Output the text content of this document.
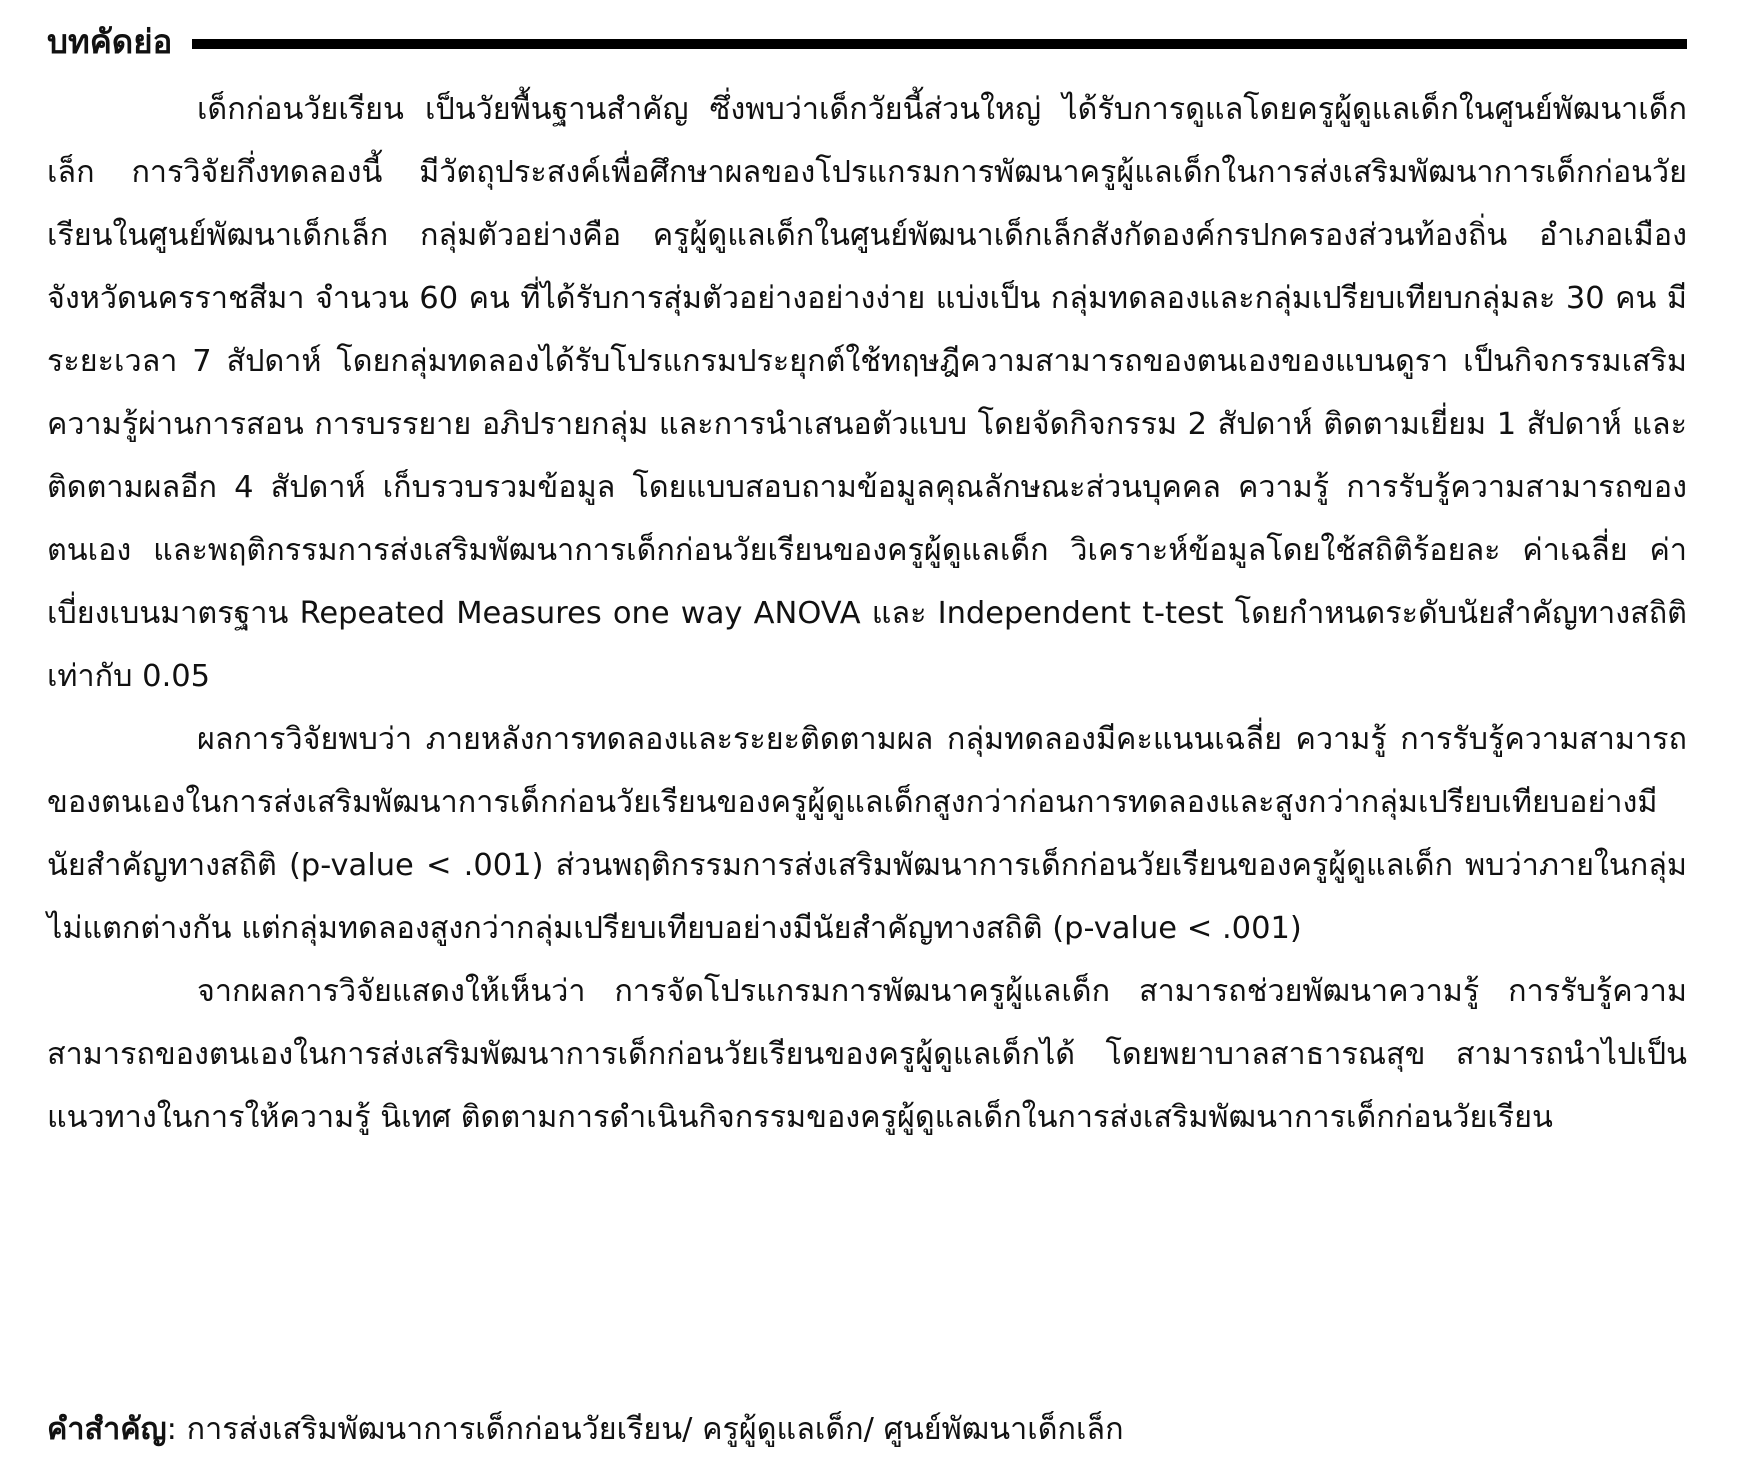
บทคัดย่อ

เด็กก่อนวัยเรียน เป็นวัยพื้นฐานสำคัญ ซึ่งพบว่าเด็กวัยนี้ส่วนใหญ่ ได้รับการดูแลโดยครูผู้ดูแลเด็กในศูนย์พัฒนาเด็กเล็ก การวิจัยกึ่งทดลองนี้ มีวัตถุประสงค์เพื่อศึกษาผลของโปรแกรมการพัฒนาครูผู้แลเด็กในการส่งเสริมพัฒนาการเด็กก่อนวัยเรียนในศูนย์พัฒนาเด็กเล็ก กลุ่มตัวอย่างคือ ครูผู้ดูแลเด็กในศูนย์พัฒนาเด็กเล็กสังกัดองค์กรปกครองส่วนท้องถิ่น อำเภอเมือง จังหวัดนครราชสีมา จำนวน 60 คน ที่ได้รับการสุ่มตัวอย่างอย่างง่าย แบ่งเป็น กลุ่มทดลองและกลุ่มเปรียบเทียบกลุ่มละ 30 คน มีระยะเวลา 7 สัปดาห์ โดยกลุ่มทดลองได้รับโปรแกรมประยุกต์ใช้ทฤษฎีความสามารถของตนเองของแบนดูรา เป็นกิจกรรมเสริมความรู้ผ่านการสอน การบรรยาย อภิปรายกลุ่ม และการนำเสนอตัวแบบ โดยจัดกิจกรรม 2 สัปดาห์ ติดตามเยี่ยม 1 สัปดาห์ และติดตามผลอีก 4 สัปดาห์ เก็บรวบรวมข้อมูล โดยแบบสอบถามข้อมูลคุณลักษณะส่วนบุคคล ความรู้ การรับรู้ความสามารถของตนเอง และพฤติกรรมการส่งเสริมพัฒนาการเด็กก่อนวัยเรียนของครูผู้ดูแลเด็ก วิเคราะห์ข้อมูลโดยใช้สถิติร้อยละ ค่าเฉลี่ย ค่าเบี่ยงเบนมาตรฐาน Repeated Measures one way ANOVA และ Independent t-test โดยกำหนดระดับนัยสำคัญทางสถิติเท่ากับ 0.05

ผลการวิจัยพบว่า ภายหลังการทดลองและระยะติดตามผล กลุ่มทดลองมีคะแนนเฉลี่ย ความรู้ การรับรู้ความสามารถของตนเองในการส่งเสริมพัฒนาการเด็กก่อนวัยเรียนของครูผู้ดูแลเด็กสูงกว่าก่อนการทดลองและสูงกว่ากลุ่มเปรียบเทียบอย่างมีนัยสำคัญทางสถิติ (p-value < .001) ส่วนพฤติกรรมการส่งเสริมพัฒนาการเด็กก่อนวัยเรียนของครูผู้ดูแลเด็ก พบว่าภายในกลุ่มไม่แตกต่างกัน แต่กลุ่มทดลองสูงกว่ากลุ่มเปรียบเทียบอย่างมีนัยสำคัญทางสถิติ (p-value < .001)

จากผลการวิจัยแสดงให้เห็นว่า การจัดโปรแกรมการพัฒนาครูผู้แลเด็ก สามารถช่วยพัฒนาความรู้ การรับรู้ความสามารถของตนเองในการส่งเสริมพัฒนาการเด็กก่อนวัยเรียนของครูผู้ดูแลเด็กได้ โดยพยาบาลสาธารณสุข สามารถนำไปเป็นแนวทางในการให้ความรู้ นิเทศ ติดตามการดำเนินกิจกรรมของครูผู้ดูแลเด็กในการส่งเสริมพัฒนาการเด็กก่อนวัยเรียน

คำสำคัญ: การส่งเสริมพัฒนาการเด็กก่อนวัยเรียน/ ครูผู้ดูแลเด็ก/ ศูนย์พัฒนาเด็กเล็ก
